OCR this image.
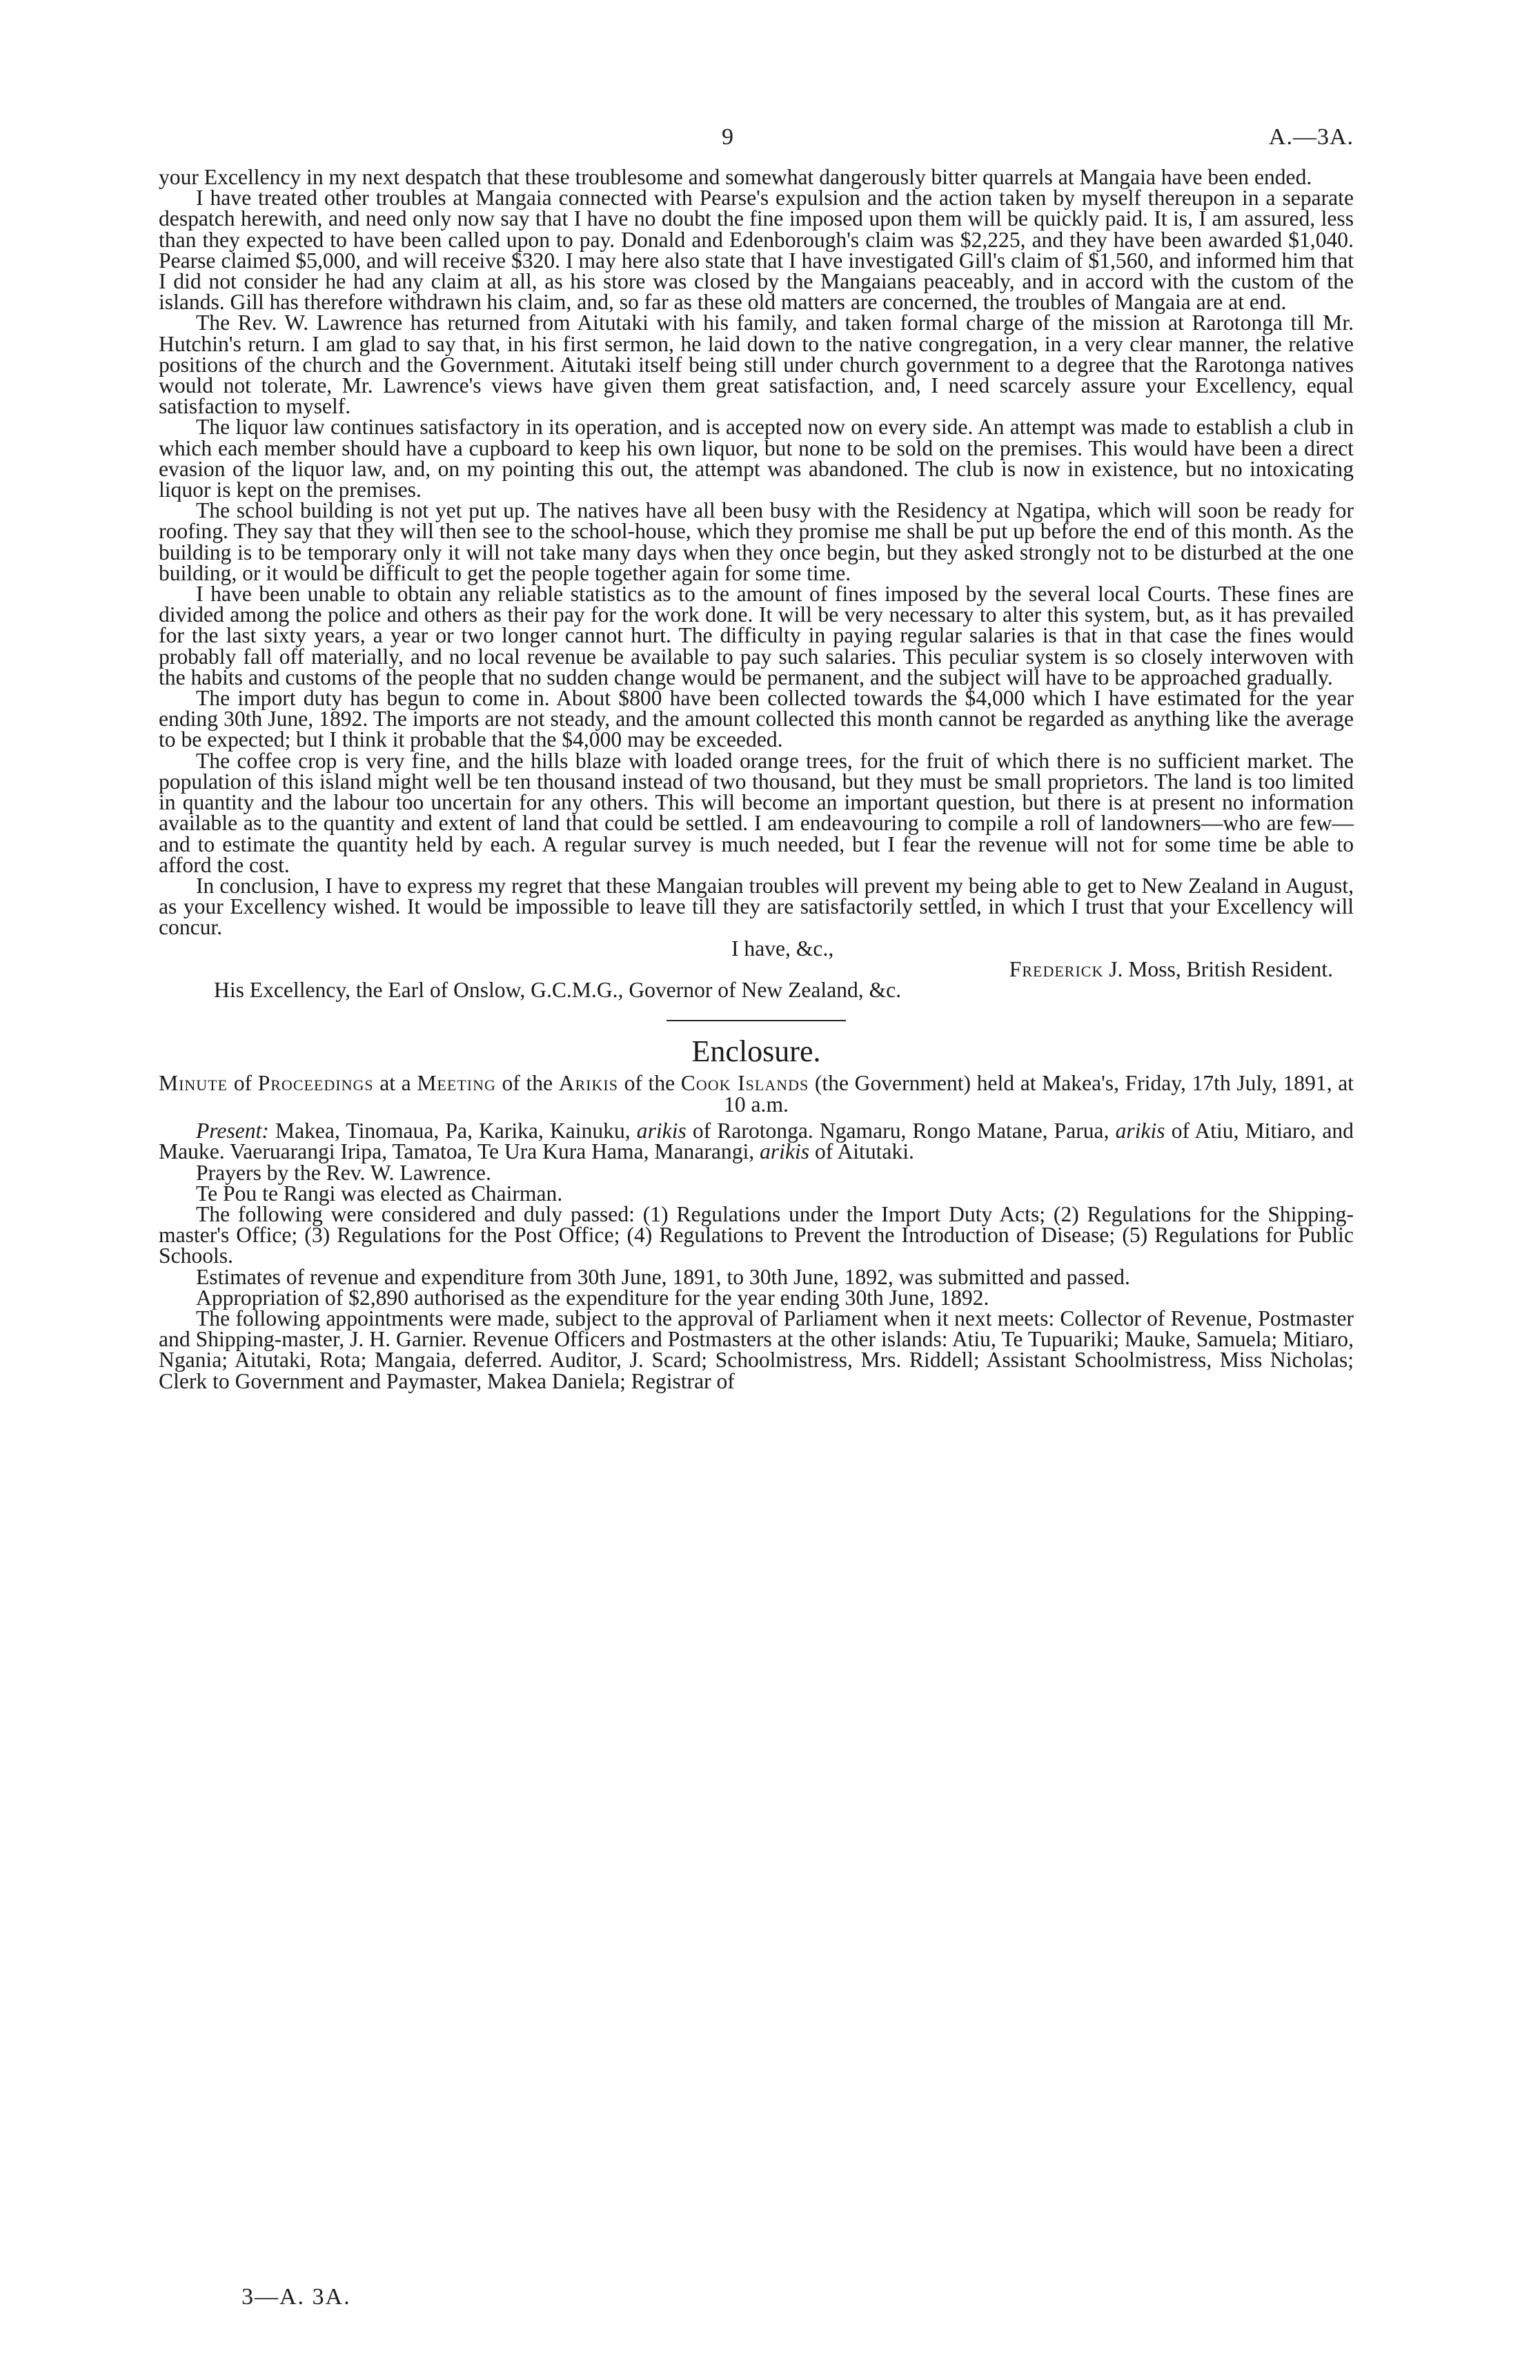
9	A.—3A.

your Excellency in my next despatch that these troublesome and somewhat dangerously bitter quarrels at Mangaia have been ended.

I have treated other troubles at Mangaia connected with Pearse's expulsion and the action taken by myself thereupon in a separate despatch herewith, and need only now say that I have no doubt the fine imposed upon them will be quickly paid. It is, I am assured, less than they expected to have been called upon to pay. Donald and Edenborough's claim was $2,225, and they have been awarded $1,040. Pearse claimed $5,000, and will receive $320. I may here also state that I have investigated Gill's claim of $1,560, and informed him that I did not consider he had any claim at all, as his store was closed by the Mangaians peaceably, and in accord with the custom of the islands. Gill has therefore withdrawn his claim, and, so far as these old matters are concerned, the troubles of Mangaia are at end.

The Rev. W. Lawrence has returned from Aitutaki with his family, and taken formal charge of the mission at Rarotonga till Mr. Hutchin's return. I am glad to say that, in his first sermon, he laid down to the native congregation, in a very clear manner, the relative positions of the church and the Government. Aitutaki itself being still under church government to a degree that the Rarotonga natives would not tolerate, Mr. Lawrence's views have given them great satisfaction, and, I need scarcely assure your Excellency, equal satisfaction to myself.

The liquor law continues satisfactory in its operation, and is accepted now on every side. An attempt was made to establish a club in which each member should have a cupboard to keep his own liquor, but none to be sold on the premises. This would have been a direct evasion of the liquor law, and, on my pointing this out, the attempt was abandoned. The club is now in existence, but no intoxicating liquor is kept on the premises.

The school building is not yet put up. The natives have all been busy with the Residency at Ngatipa, which will soon be ready for roofing. They say that they will then see to the school-house, which they promise me shall be put up before the end of this month. As the building is to be temporary only it will not take many days when they once begin, but they asked strongly not to be disturbed at the one building, or it would be difficult to get the people together again for some time.

I have been unable to obtain any reliable statistics as to the amount of fines imposed by the several local Courts. These fines are divided among the police and others as their pay for the work done. It will be very necessary to alter this system, but, as it has prevailed for the last sixty years, a year or two longer cannot hurt. The difficulty in paying regular salaries is that in that case the fines would probably fall off materially, and no local revenue be available to pay such salaries. This peculiar system is so closely interwoven with the habits and customs of the people that no sudden change would be permanent, and the subject will have to be approached gradually.

The import duty has begun to come in. About $800 have been collected towards the $4,000 which I have estimated for the year ending 30th June, 1892. The imports are not steady, and the amount collected this month cannot be regarded as anything like the average to be expected; but I think it probable that the $4,000 may be exceeded.

The coffee crop is very fine, and the hills blaze with loaded orange trees, for the fruit of which there is no sufficient market. The population of this island might well be ten thousand instead of two thousand, but they must be small proprietors. The land is too limited in quantity and the labour too uncertain for any others. This will become an important question, but there is at present no information available as to the quantity and extent of land that could be settled. I am endeavouring to compile a roll of landowners—who are few—and to estimate the quantity held by each. A regular survey is much needed, but I fear the revenue will not for some time be able to afford the cost.

In conclusion, I have to express my regret that these Mangaian troubles will prevent my being able to get to New Zealand in August, as your Excellency wished. It would be impossible to leave till they are satisfactorily settled, in which I trust that your Excellency will concur.

I have, &c.,
Frederick J. Moss, British Resident.
His Excellency, the Earl of Onslow, G.C.M.G., Governor of New Zealand, &c.
Enclosure.
Minute of Proceedings at a Meeting of the Arikis of the Cook Islands (the Government) held at Makea's, Friday, 17th July, 1891, at 10 a.m.

Present: Makea, Tinomaua, Pa, Karika, Kainuku, arikis of Rarotonga. Ngamaru, Rongo Matane, Parua, arikis of Atiu, Mitiaro, and Mauke. Vaeruarangi Iripa, Tamatoa, Te Ura Kura Hama, Manarangi, arikis of Aitutaki.

Prayers by the Rev. W. Lawrence.

Te Pou te Rangi was elected as Chairman.

The following were considered and duly passed: (1) Regulations under the Import Duty Acts; (2) Regulations for the Shipping-master's Office; (3) Regulations for the Post Office; (4) Regulations to Prevent the Introduction of Disease; (5) Regulations for Public Schools.

Estimates of revenue and expenditure from 30th June, 1891, to 30th June, 1892, was submitted and passed.

Appropriation of $2,890 authorised as the expenditure for the year ending 30th June, 1892.

The following appointments were made, subject to the approval of Parliament when it next meets: Collector of Revenue, Postmaster and Shipping-master, J. H. Garnier. Revenue Officers and Postmasters at the other islands: Atiu, Te Tupuariki; Mauke, Samuela; Mitiaro, Ngania; Aitutaki, Rota; Mangaia, deferred. Auditor, J. Scard; Schoolmistress, Mrs. Riddell; Assistant Schoolmistress, Miss Nicholas; Clerk to Government and Paymaster, Makea Daniela; Registrar of

3—A. 3A.
